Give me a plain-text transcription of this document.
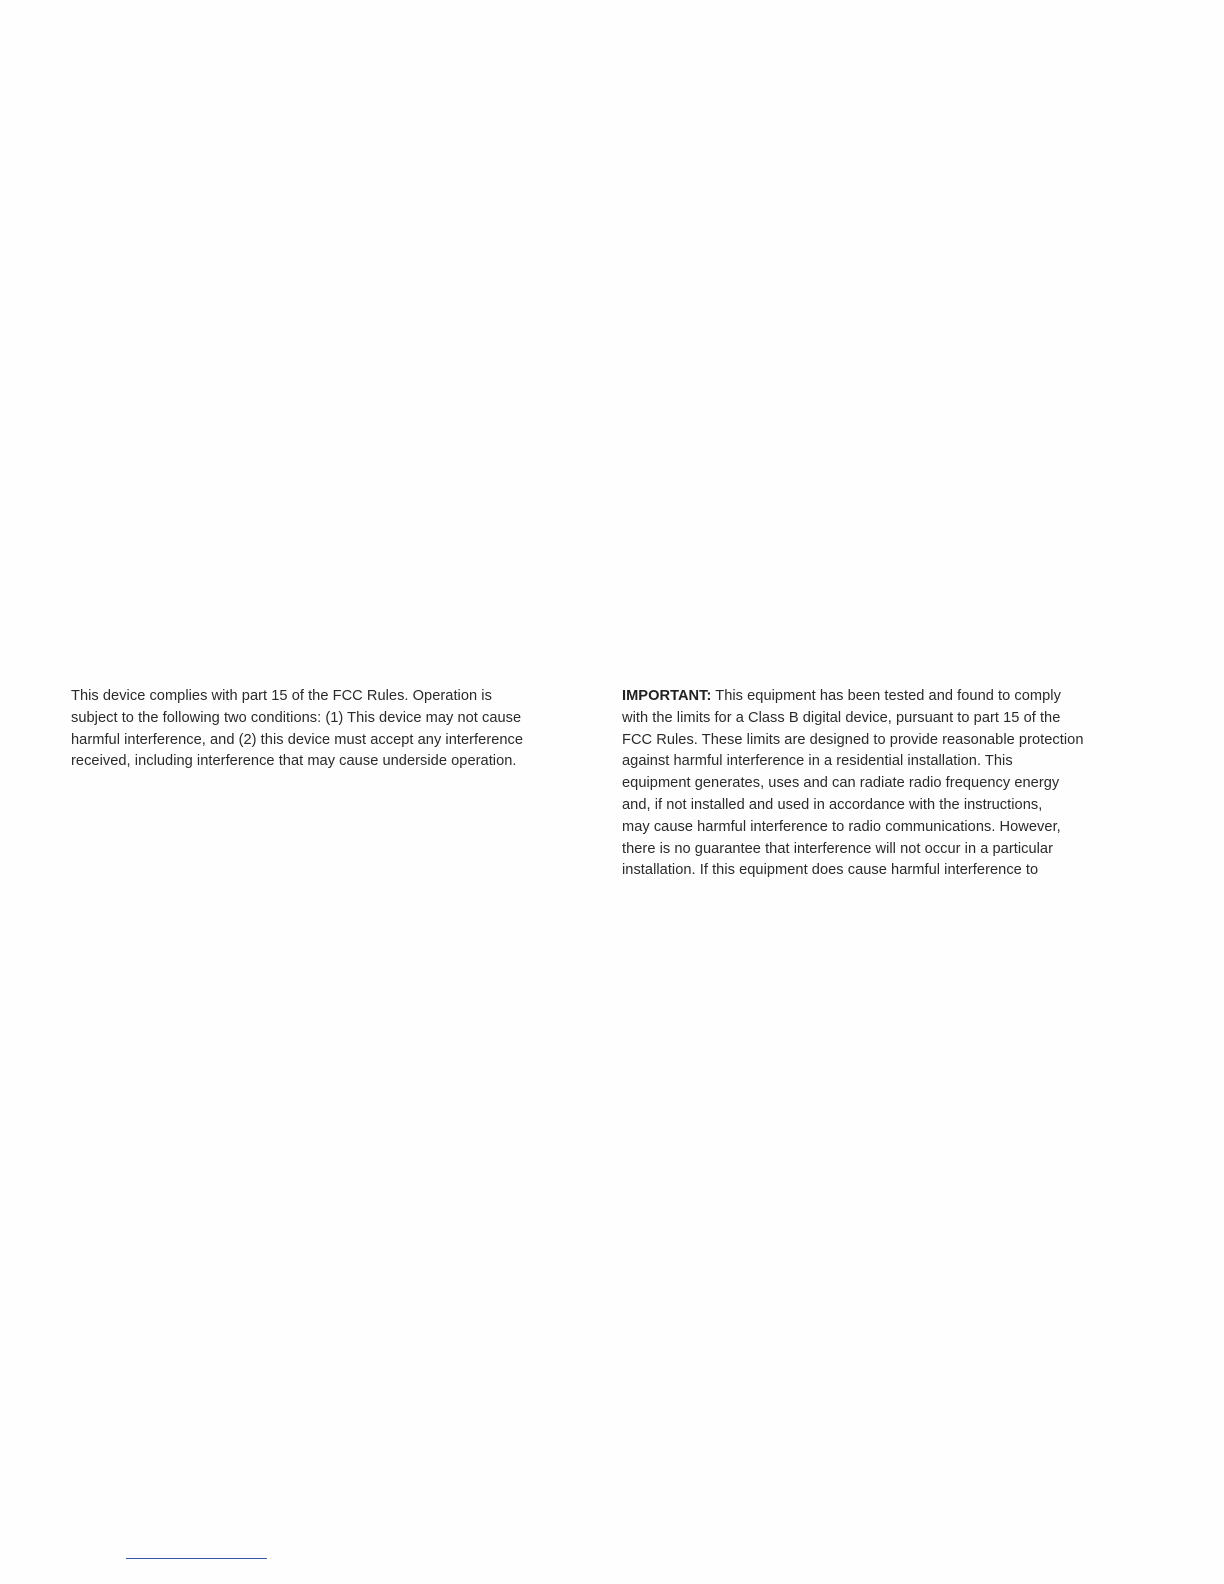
This device complies with part 15 of the FCC Rules. Operation is
subject to the following two conditions: (1) This device may not cause
harmful interference, and (2) this device must accept any interference
received, including interference that may cause underside operation.
IMPORTANT: This equipment has been tested and found to comply
with the limits for a Class B digital device, pursuant to part 15 of the
FCC Rules. These limits are designed to provide reasonable protection
against harmful interference in a residential installation. This
equipment generates, uses and can radiate radio frequency energy
and, if not installed and used in accordance with the instructions,
may cause harmful interference to radio communications. However,
there is no guarantee that interference will not occur in a particular
installation. If this equipment does cause harmful interference to
